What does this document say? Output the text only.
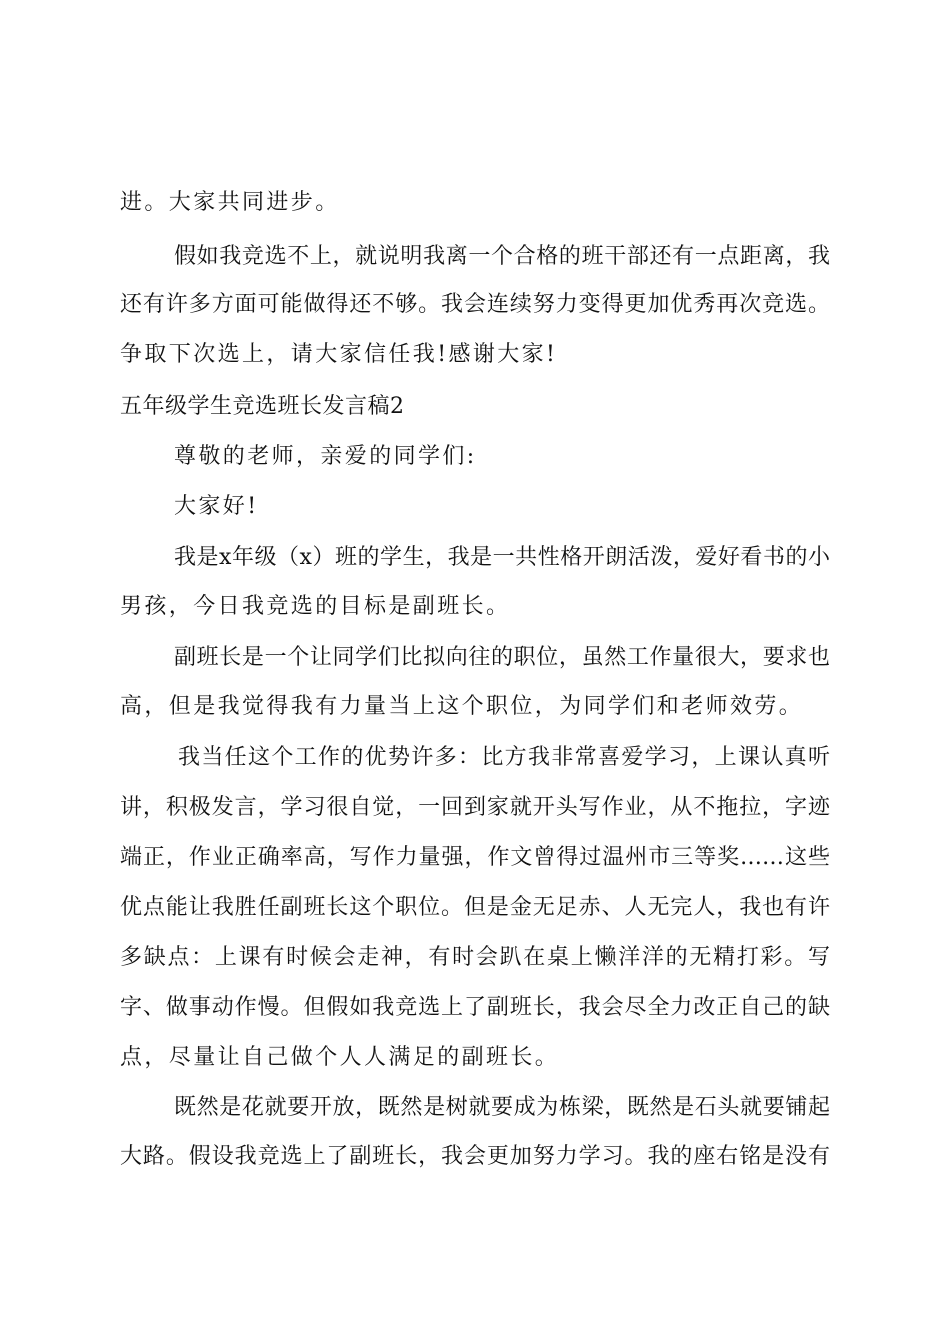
进。大家共同进步。
假如我竞选不上，就说明我离一个合格的班干部还有一点距离，我
还有许多方面可能做得还不够。我会连续努力变得更加优秀再次竞选。
争取下次选上，请大家信任我!感谢大家!
五年级学生竞选班长发言稿2
尊敬的老师，亲爱的同学们:
大家好!
我是x年级（x）班的学生，我是一共性格开朗活泼，爱好看书的小
男孩，今日我竞选的目标是副班长。
副班长是一个让同学们比拟向往的职位，虽然工作量很大，要求也
高，但是我觉得我有力量当上这个职位，为同学们和老师效劳。
我当任这个工作的优势许多：比方我非常喜爱学习，上课认真听
讲，积极发言，学习很自觉，一回到家就开头写作业，从不拖拉，字迹
端正，作业正确率高，写作力量强，作文曾得过温州市三等奖……这些
优点能让我胜任副班长这个职位。但是金无足赤、人无完人，我也有许
多缺点：上课有时候会走神，有时会趴在桌上懒洋洋的无精打彩。写
字、做事动作慢。但假如我竞选上了副班长，我会尽全力改正自己的缺
点，尽量让自己做个人人满足的副班长。
既然是花就要开放，既然是树就要成为栋梁，既然是石头就要铺起
大路。假设我竞选上了副班长，我会更加努力学习。我的座右铭是没有
